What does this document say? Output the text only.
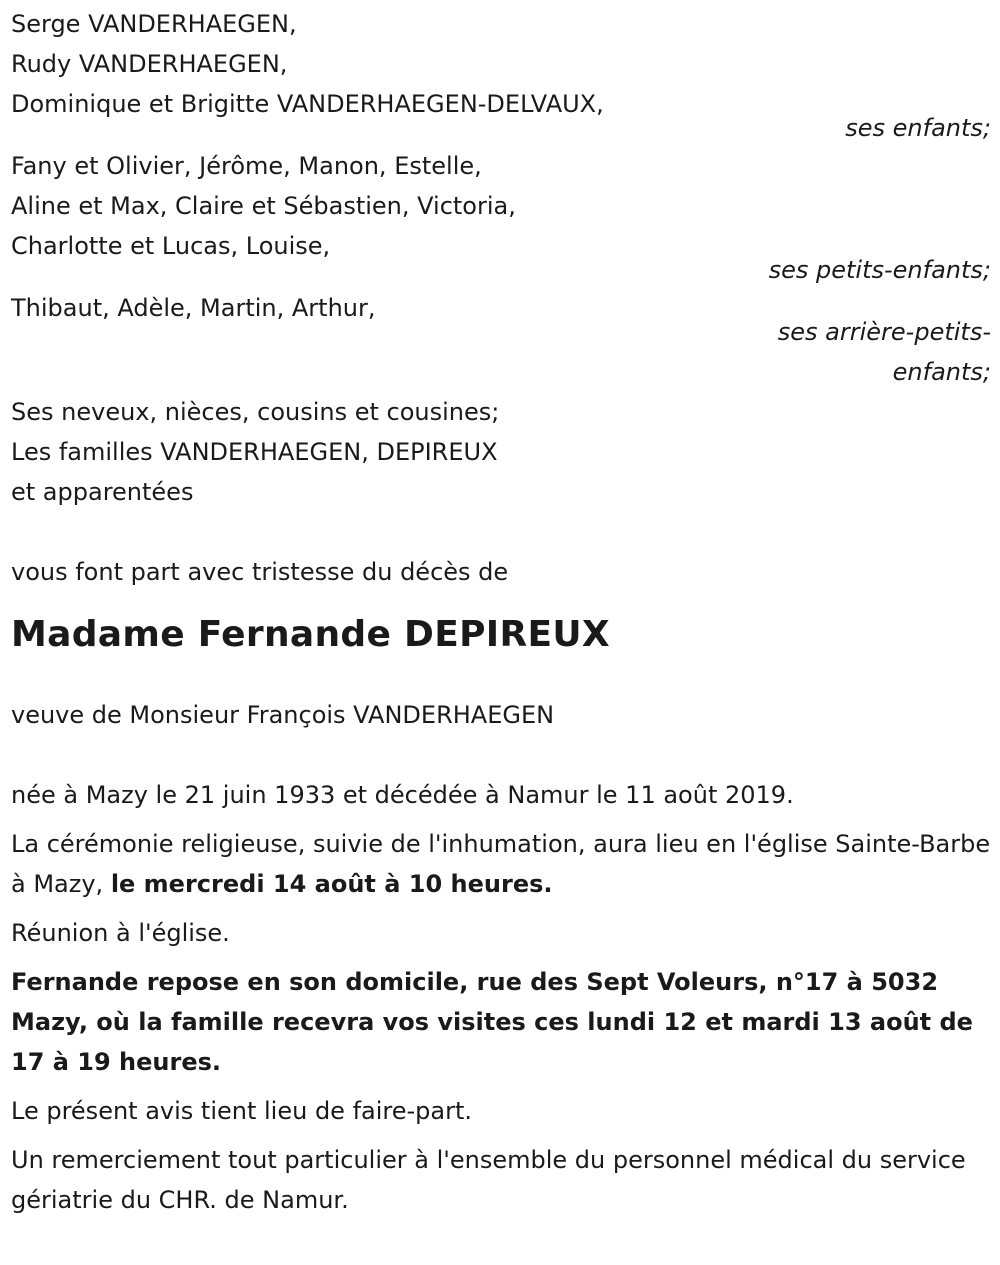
Serge VANDERHAEGEN,
Rudy VANDERHAEGEN,
Dominique et Brigitte VANDERHAEGEN-DELVAUX,
ses enfants;
Fany et Olivier, Jérôme, Manon, Estelle,
Aline et Max, Claire et Sébastien, Victoria,
Charlotte et Lucas, Louise,
ses petits-enfants;
Thibaut, Adèle, Martin, Arthur,
ses arrière-petits-
enfants;
Ses neveux, nièces, cousins et cousines;
Les familles VANDERHAEGEN, DEPIREUX
et apparentées
vous font part avec tristesse du décès de
Madame Fernande DEPIREUX
veuve de Monsieur François VANDERHAEGEN
née à Mazy le 21 juin 1933 et décédée à Namur le 11 août 2019.
La cérémonie religieuse, suivie de l'inhumation, aura lieu en l'église Sainte-Barbe à Mazy, le mercredi 14 août à 10 heures.
Réunion à l'église.
Fernande repose en son domicile, rue des Sept Voleurs, n°17 à 5032 Mazy, où la famille recevra vos visites ces lundi 12 et mardi 13 août de 17 à 19 heures.
Le présent avis tient lieu de faire-part.
Un remerciement tout particulier à l'ensemble du personnel médical du service gériatrie du CHR. de Namur.
